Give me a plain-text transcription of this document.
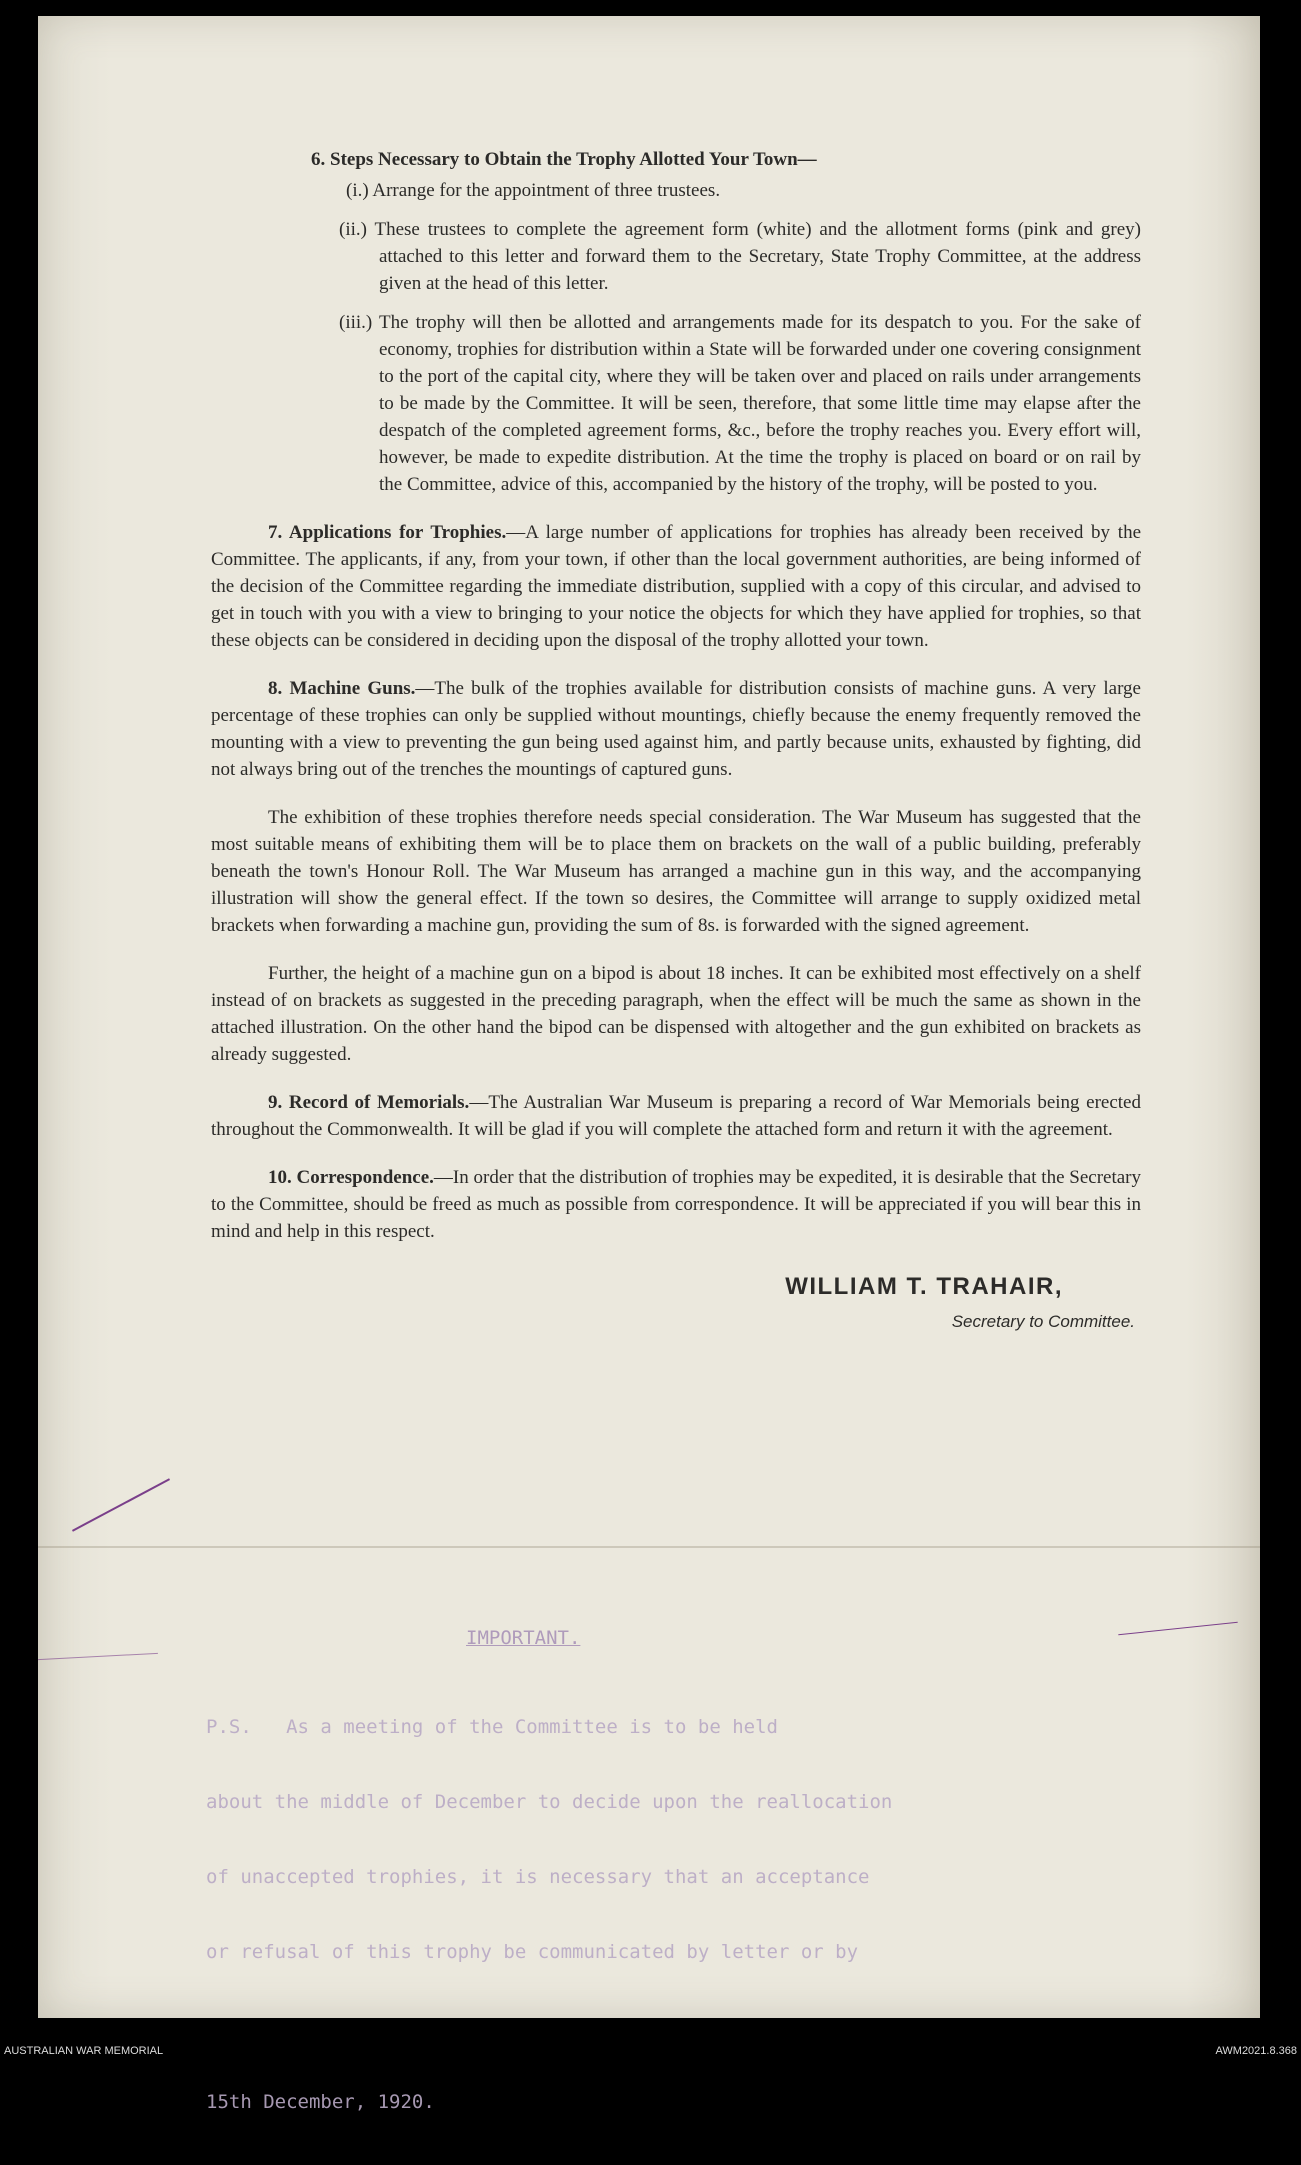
6. Steps Necessary to Obtain the Trophy Allotted Your Town—

(i.) Arrange for the appointment of three trustees.

(ii.) These trustees to complete the agreement form (white) and the allotment forms (pink and grey) attached to this letter and forward them to the Secretary, State Trophy Committee, at the address given at the head of this letter.

(iii.) The trophy will then be allotted and arrangements made for its despatch to you. For the sake of economy, trophies for distribution within a State will be forwarded under one covering consignment to the port of the capital city, where they will be taken over and placed on rails under arrangements to be made by the Committee. It will be seen, therefore, that some little time may elapse after the despatch of the completed agreement forms, &c., before the trophy reaches you. Every effort will, however, be made to expedite distribution. At the time the trophy is placed on board or on rail by the Committee, advice of this, accompanied by the history of the trophy, will be posted to you.

7. Applications for Trophies.—A large number of applications for trophies has already been received by the Committee. The applicants, if any, from your town, if other than the local government authorities, are being informed of the decision of the Committee regarding the immediate distribution, supplied with a copy of this circular, and advised to get in touch with you with a view to bringing to your notice the objects for which they have applied for trophies, so that these objects can be considered in deciding upon the disposal of the trophy allotted your town.

8. Machine Guns.—The bulk of the trophies available for distribution consists of machine guns. A very large percentage of these trophies can only be supplied without mountings, chiefly because the enemy frequently removed the mounting with a view to preventing the gun being used against him, and partly because units, exhausted by fighting, did not always bring out of the trenches the mountings of captured guns.

The exhibition of these trophies therefore needs special consideration. The War Museum has suggested that the most suitable means of exhibiting them will be to place them on brackets on the wall of a public building, preferably beneath the town's Honour Roll. The War Museum has arranged a machine gun in this way, and the accompanying illustration will show the general effect. If the town so desires, the Committee will arrange to supply oxidized metal brackets when forwarding a machine gun, providing the sum of 8s. is forwarded with the signed agreement.

Further, the height of a machine gun on a bipod is about 18 inches. It can be exhibited most effectively on a shelf instead of on brackets as suggested in the preceding paragraph, when the effect will be much the same as shown in the attached illustration. On the other hand the bipod can be dispensed with altogether and the gun exhibited on brackets as already suggested.

9. Record of Memorials.—The Australian War Museum is preparing a record of War Memorials being erected throughout the Commonwealth. It will be glad if you will complete the attached form and return it with the agreement.

10. Correspondence.—In order that the distribution of trophies may be expedited, it is desirable that the Secretary to the Committee, should be freed as much as possible from correspondence. It will be appreciated if you will bear this in mind and help in this respect.

WILLIAM T. TRAHAIR,
Secretary to Committee.

IMPORTANT.

P.S.   As a meeting of the Committee is to be held

about the middle of December to decide upon the reallocation

of unaccepted trophies, it is necessary that an acceptance

or refusal of this trophy be communicated by letter or by

15th December, 1920.

AUSTRALIAN WAR MEMORIAL	AWM2021.8.368
